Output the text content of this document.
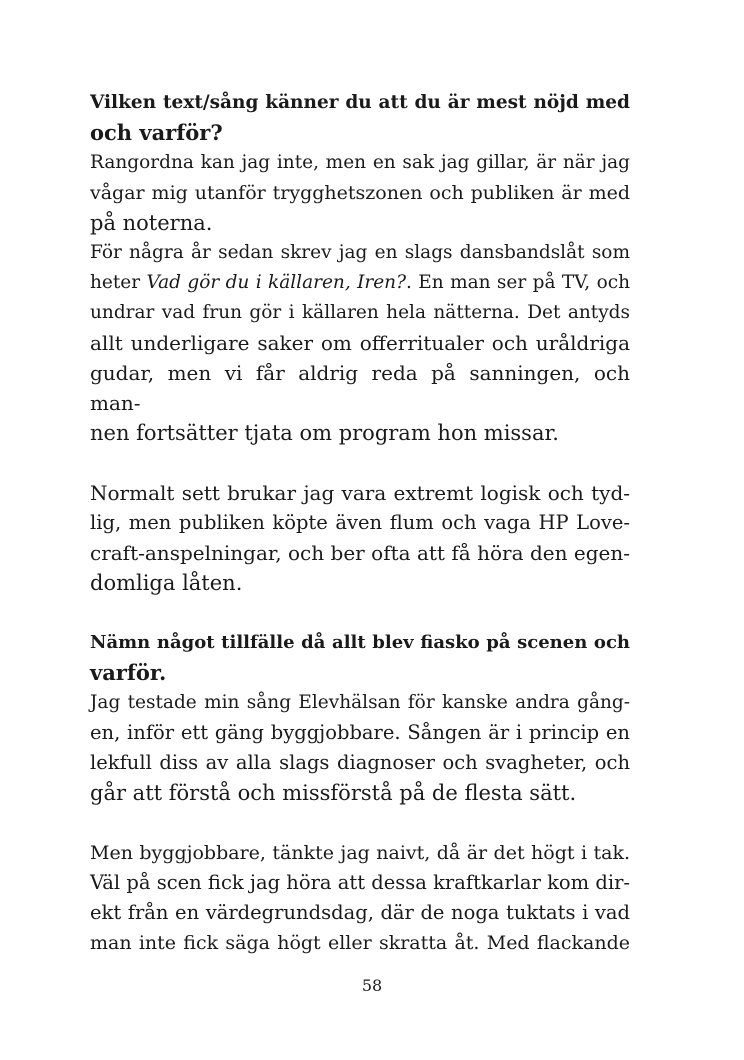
Vilken text/sång känner du att du är mest nöjd med
och varför?
Rangordna kan jag inte, men en sak jag gillar, är när jag
vågar mig utanför trygghetszonen och publiken är med
på noterna.
För några år sedan skrev jag en slags dansbandslåt som
heter Vad gör du i källaren, Iren?. En man ser på TV, och
undrar vad frun gör i källaren hela nätterna. Det antyds
allt underligare saker om offerritualer och uråldriga
gudar, men vi får aldrig reda på sanningen, och man-
nen fortsätter tjata om program hon missar.
Normalt sett brukar jag vara extremt logisk och tyd-
lig, men publiken köpte även flum och vaga HP Love-
craft-anspelningar, och ber ofta att få höra den egen-
domliga låten.
Nämn något tillfälle då allt blev fiasko på scenen och
varför.
Jag testade min sång Elevhälsan för kanske andra gång-
en, inför ett gäng byggjobbare. Sången är i princip en
lekfull diss av alla slags diagnoser och svagheter, och
går att förstå och missförstå på de flesta sätt.
Men byggjobbare, tänkte jag naivt, då är det högt i tak.
Väl på scen fick jag höra att dessa kraftkarlar kom dir-
ekt från en värdegrundsdag, där de noga tuktats i vad
man inte fick säga högt eller skratta åt. Med flackande
58
